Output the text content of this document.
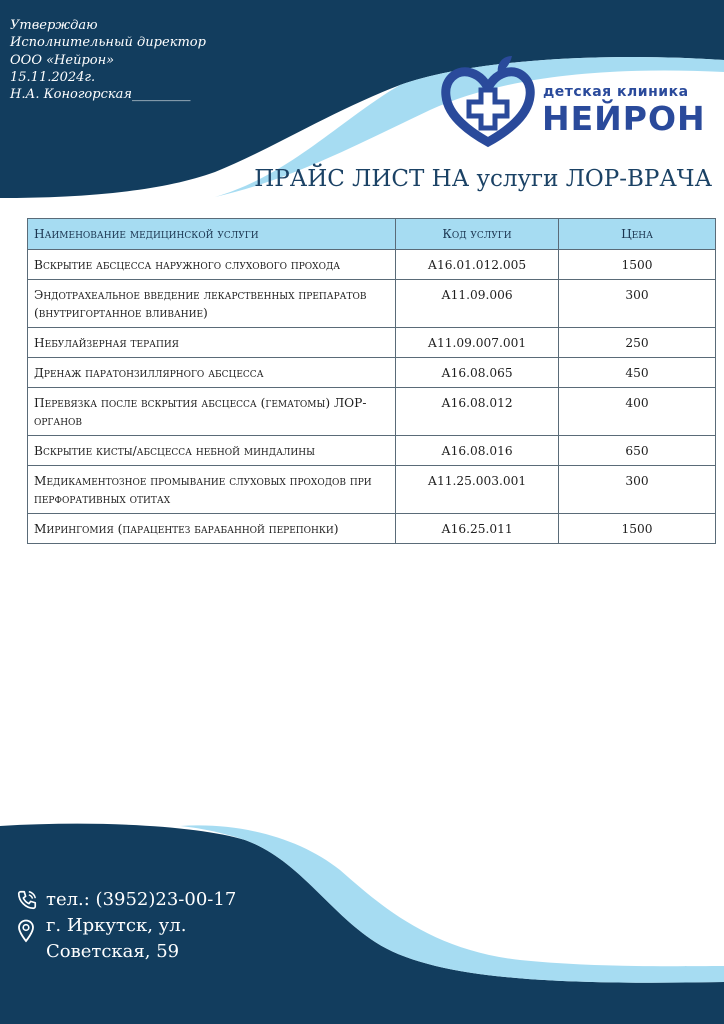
Утверждаю
Исполнительный директор
ООО «Нейрон»
15.11.2024г.
Н.А. Коногорская_________	детская клиника
НЕЙРОН
ПРАЙС ЛИСТ НА услуги ЛОР-ВРАЧА
Наименование медицинской услуги	Код услуги	Цена
Вскрытие абсцесса наружного слухового прохода	А16.01.012.005	1500
Эндотрахеальное введение лекарственных препаратов (внутригортанное вливание)	А11.09.006	300
Небулайзерная терапия	А11.09.007.001	250
Дренаж паратонзиллярного абсцесса	А16.08.065	450
Перевязка после вскрытия абсцесса (гематомы) ЛОР-органов	А16.08.012	400
Вскрытие кисты/абсцесса небной миндалины	А16.08.016	650
Медикаментозное промывание слуховых проходов при перфоративных отитах	А11.25.003.001	300
Мирингомия (парацентез барабанной перепонки)	А16.25.011	1500
тел.: (3952)23-00-17
г. Иркутск, ул.
Советская, 59
